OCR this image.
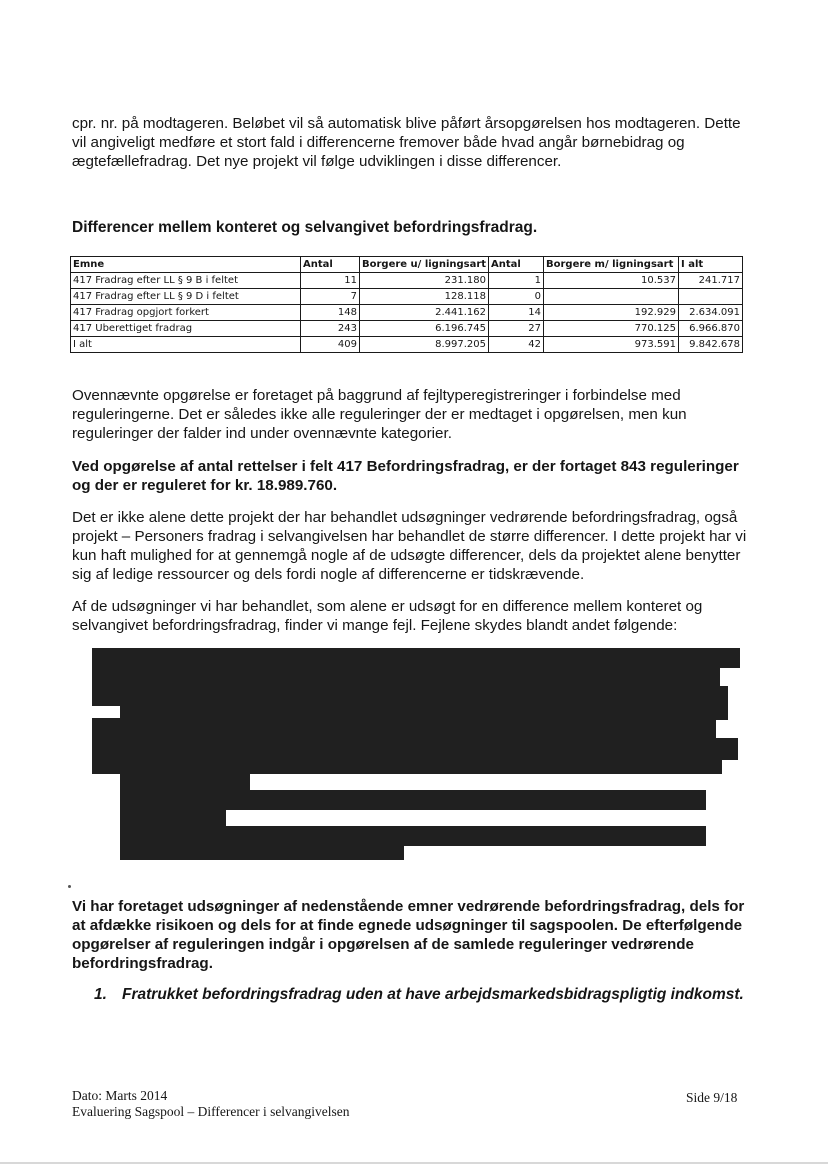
cpr. nr. på modtageren. Beløbet vil så automatisk blive påført årsopgørelsen hos modtageren. Dette vil angiveligt medføre et stort fald i differencerne fremover både hvad angår børnebidrag og ægtefællefradrag. Det nye projekt vil følge udviklingen i disse differencer.

Differencer mellem konteret og selvangivet befordringsfradrag.

Emne	Antal	Borgere u/ ligningsart	Antal	Borgere m/ ligningsart	I alt
417 Fradrag efter LL § 9 B i feltet	11	231.180	1	10.537	241.717
417 Fradrag efter LL § 9 D i feltet	7	128.118	0		
417 Fradrag opgjort forkert	148	2.441.162	14	192.929	2.634.091
417 Uberettiget fradrag	243	6.196.745	27	770.125	6.966.870
I alt	409	8.997.205	42	973.591	9.842.678

Ovennævnte opgørelse er foretaget på baggrund af fejltyperegistreringer i forbindelse med reguleringerne. Det er således ikke alle reguleringer der er medtaget i opgørelsen, men kun reguleringer der falder ind under ovennævnte kategorier.

Ved opgørelse af antal rettelser i felt 417 Befordringsfradrag, er der fortaget 843 reguleringer og der er reguleret for kr. 18.989.760.

Det er ikke alene dette projekt der har behandlet udsøgninger vedrørende befordringsfradrag, også projekt – Personers fradrag i selvangivelsen har behandlet de større differencer. I dette projekt har vi kun haft mulighed for at gennemgå nogle af de udsøgte differencer, dels da projektet alene benytter sig af ledige ressourcer og dels fordi nogle af differencerne er tidskrævende.

Af de udsøgninger vi har behandlet, som alene er udsøgt for en difference mellem konteret og selvangivet befordringsfradrag, finder vi mange fejl. Fejlene skydes blandt andet følgende:

Vi har foretaget udsøgninger af nedenstående emner vedrørende befordringsfradrag, dels for at afdække risikoen og dels for at finde egnede udsøgninger til sagspoolen. De efterfølgende opgørelser af reguleringen indgår i opgørelsen af de samlede reguleringer vedrørende befordringsfradrag.

1. Fratrukket befordringsfradrag uden at have arbejdsmarkedsbidragspligtig indkomst.

Dato: Marts 2014
Evaluering Sagspool – Differencer i selvangivelsen
Side 9/18
